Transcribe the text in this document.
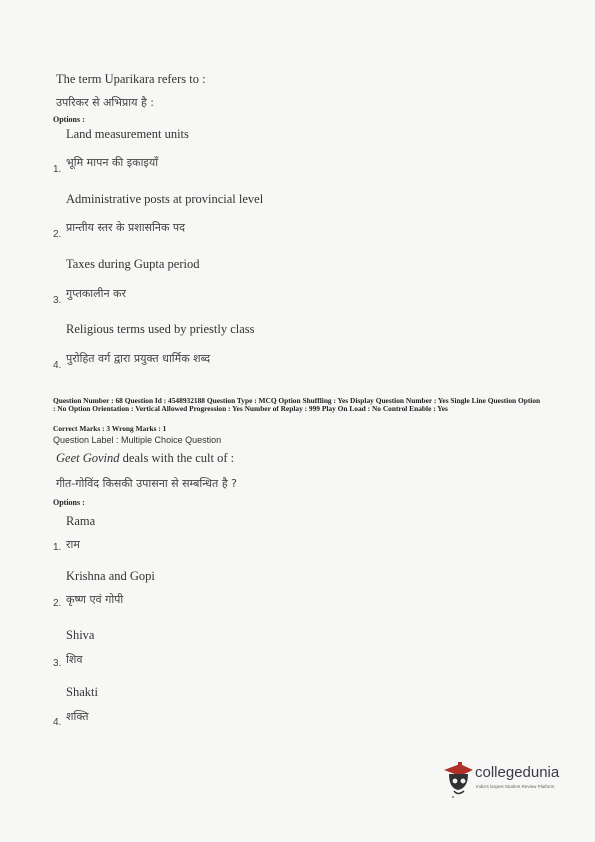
The term Uparikara refers to :
उपरिकर से अभिप्राय है :
Options :
Land measurement units
भूमि मापन की इकाइयाँ
1.
Administrative posts at provincial level
प्रान्तीय स्तर के प्रशासनिक पद
2.
Taxes during Gupta period
गुप्तकालीन कर
3.
Religious terms used by priestly class
पुरोहित वर्ग द्वारा प्रयुक्त धार्मिक शब्द
4.
Question Number : 68 Question Id : 4548932188 Question Type : MCQ Option Shuffling : Yes Display Question Number : Yes Single Line Question Option : No Option Orientation : Vertical Allowed Progression : Yes Number of Replay : 999 Play On Load : No Control Enable : Yes
Correct Marks : 3 Wrong Marks : 1
Question Label : Multiple Choice Question
Geet Govind deals with the cult of :
गीत-गोविंद किसकी उपासना से सम्बन्धित है ?
Options :
Rama
राम
1.
Krishna and Gopi
कृष्ण एवं गोपी
2.
Shiva
शिव
3.
Shakti
शक्ति
4.
collegedunia
India's largest Student Review Platform
